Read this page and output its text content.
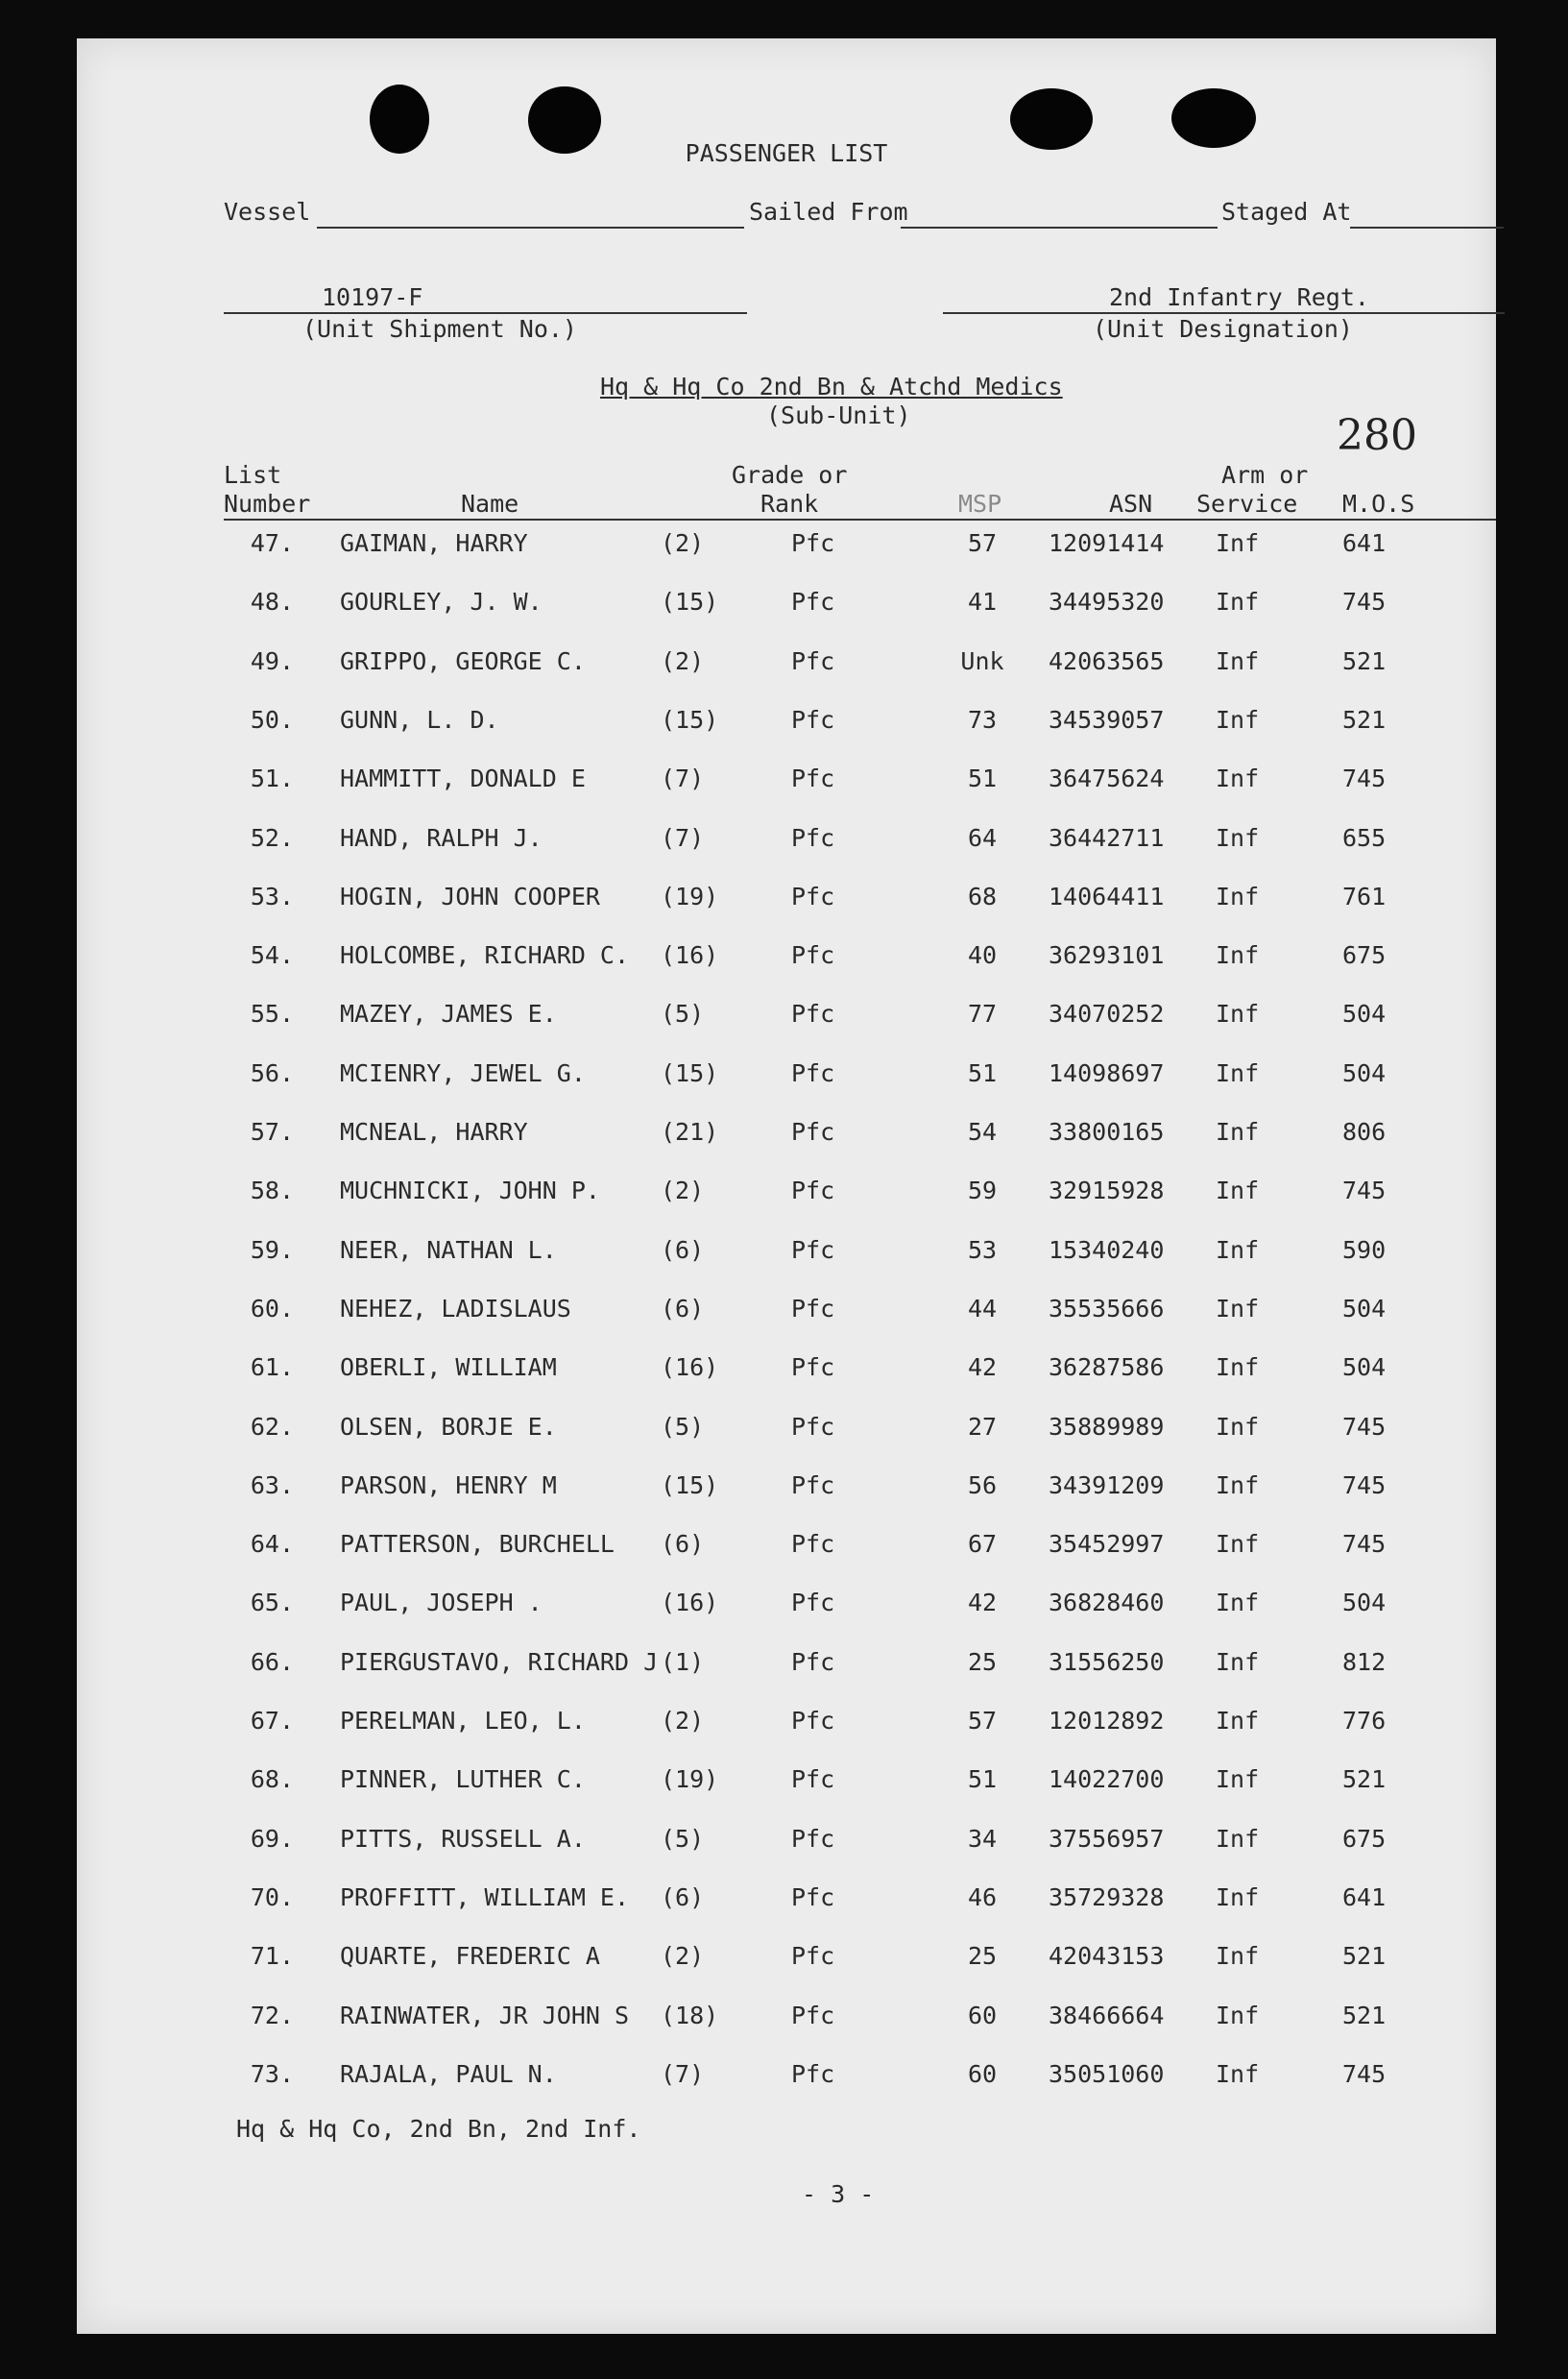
PASSENGER LIST
Vessel	Sailed From	Staged At
10197-F
(Unit Shipment No.)
2nd Infantry Regt.
(Unit Designation)
Hq & Hq Co 2nd Bn & Atchd Medics
(Sub-Unit)	280
List
Number	Name
Grade or
Rank	MSP	ASN
Arm or
Service M.O.S
47. GAIMAN, HARRY	(2)	Pfc	57	12091414 Inf	641
48. GOURLEY, J. W.	(15)	Pfc	41	34495320 Inf	745
49. GRIPPO, GEORGE C.	(2)	Pfc	Unk	42063565 Inf	521
50. GUNN, L. D.	(15)	Pfc	73	34539057 Inf	521
51. HAMMITT, DONALD E	(7)	Pfc	51	36475624 Inf	745
52. HAND, RALPH J.	(7)	Pfc	64	36442711 Inf	655
53. HOGIN, JOHN COOPER	(19)	Pfc	68	14064411 Inf	761
54. HOLCOMBE, RICHARD C. (16)	Pfc	40	36293101 Inf	675
55. MAZEY, JAMES E.	(5)	Pfc	77	34070252 Inf	504
56. MCIENRY, JEWEL G.	(15)	Pfc	51	14098697 Inf	504
57. MCNEAL, HARRY	(21)	Pfc	54	33800165 Inf	806
58. MUCHNICKI, JOHN P.	(2)	Pfc	59	32915928 Inf	745
59. NEER, NATHAN L.	(6)	Pfc	53	15340240 Inf	590
60. NEHEZ, LADISLAUS	(6)	Pfc	44	35535666 Inf	504
61. OBERLI, WILLIAM	(16)	Pfc	42	36287586 Inf	504
62. OLSEN, BORJE E.	(5)	Pfc	27	35889989 Inf	745
63. PARSON, HENRY M	(15)	Pfc	56	34391209 Inf	745
64. PATTERSON, BURCHELL (6)	Pfc	67	35452997 Inf	745
65. PAUL, JOSEPH .	(16)	Pfc	42	36828460 Inf	504
66. PIERGUSTAVO, RICHARD J (1)	Pfc	25	31556250 Inf	812
67. PERELMAN, LEO, L.	(2)	Pfc	57	12012892 Inf	776
68. PINNER, LUTHER C.	(19)	Pfc	51	14022700 Inf	521
69. PITTS, RUSSELL A.	(5)	Pfc	34	37556957 Inf	675
70. PROFFITT, WILLIAM E. (6)	Pfc	46	35729328 Inf	641
71. QUARTE, FREDERIC A	(2)	Pfc	25	42043153 Inf	521
72. RAINWATER, JR JOHN S (18)	Pfc	60	38466664 Inf	521
73. RAJALA, PAUL N.	(7)	Pfc	60	35051060 Inf	745
Hq & Hq Co, 2nd Bn, 2nd Inf.
- 3 -
